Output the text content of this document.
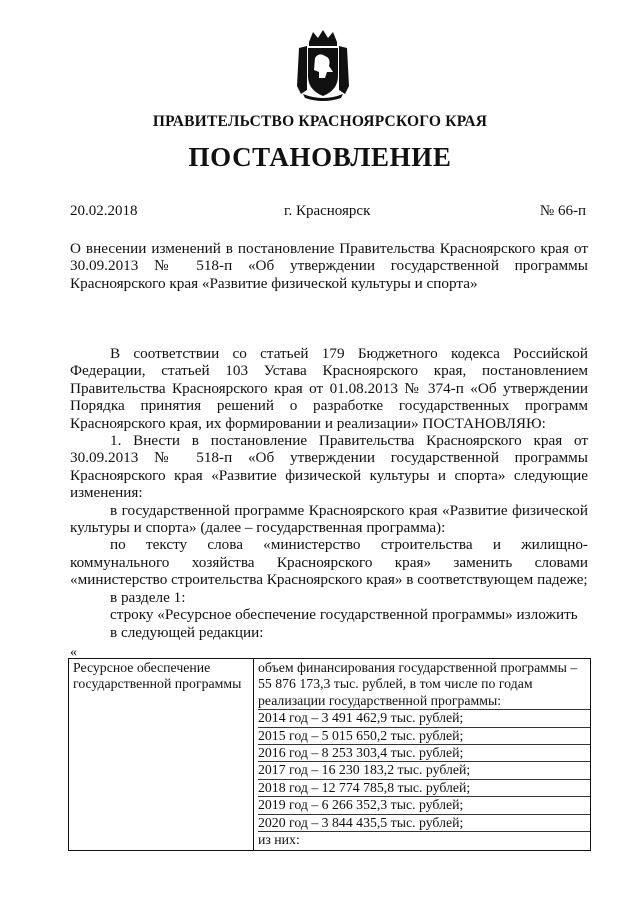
ПРАВИТЕЛЬСТВО КРАСНОЯРСКОГО КРАЯ
ПОСТАНОВЛЕНИЕ
20.02.2018	г. Красноярск	№ 66-п
О внесении изменений в постановление Правительства Красноярского края от 30.09.2013 № 518-п «Об утверждении государственной программы Красноярского края «Развитие физической культуры и спорта»

В соответствии со статьей 179 Бюджетного кодекса Российской Федерации, статьей 103 Устава Красноярского края, постановлением Правительства Красноярского края от 01.08.2013 № 374-п «Об утверждении Порядка принятия решений о разработке государственных программ Красноярского края, их формировании и реализации» ПОСТАНОВЛЯЮ:

1. Внести в постановление Правительства Красноярского края от 30.09.2013 № 518-п «Об утверждении государственной программы Красноярского края «Развитие физической культуры и спорта» следующие изменения:

в государственной программе Красноярского края «Развитие физической культуры и спорта» (далее – государственная программа):

по тексту слова «министерство строительства и жилищно-коммунального хозяйства Красноярского края» заменить словами «министерство строительства Красноярского края» в соответствующем падеже;

в разделе 1:

строку «Ресурсное обеспечение государственной программы» изложить

в следующей редакции:

«
Ресурсное обеспечение
государственной программы

объем финансирования государственной программы –
55 876 173,3 тыс. рублей, в том числе по годам
реализации государственной программы:
2014 год – 3 491 462,9 тыс. рублей;
2015 год – 5 015 650,2 тыс. рублей;
2016 год – 8 253 303,4 тыс. рублей;
2017 год – 16 230 183,2 тыс. рублей;
2018 год – 12 774 785,8 тыс. рублей;
2019 год – 6 266 352,3 тыс. рублей;
2020 год – 3 844 435,5 тыс. рублей;
из них:
